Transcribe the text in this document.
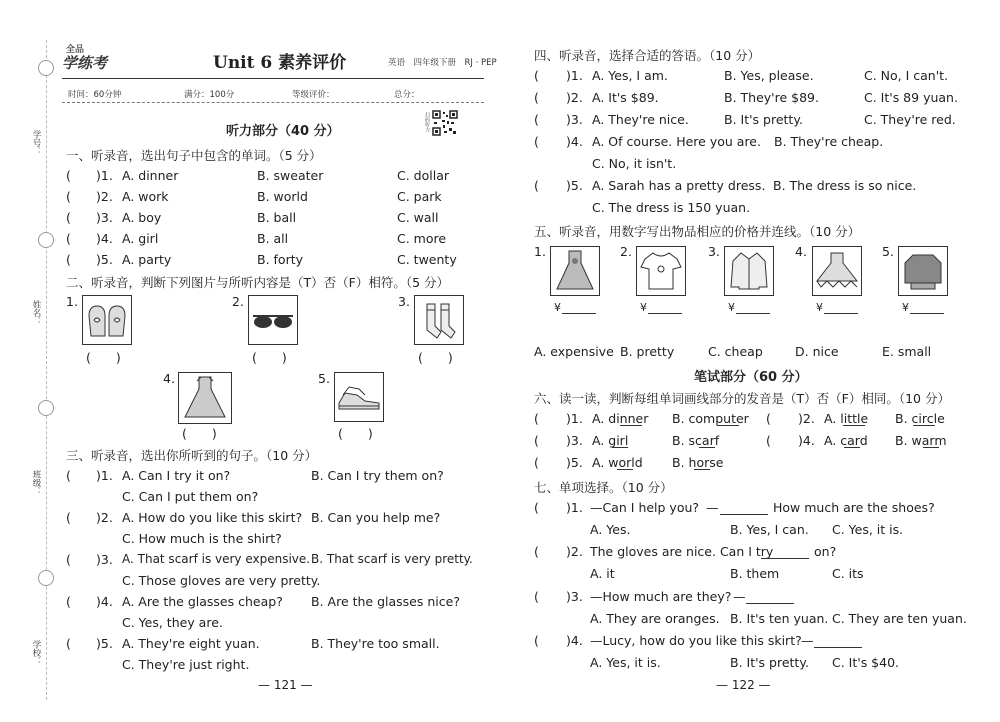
学号：
姓名：
班级：
学校：
全品
学练考	Unit 6 素养评价	英语　四年级下册　RJ · PEP
时间：60分钟	满分：100分	等级评价：	总分：
扫码听力
听力部分（40 分）
一、听录音，选出句子中包含的单词。（5 分）
( )1. A. dinner	B. sweater	C. dollar
( )2. A. work	B. world	C. park
( )3. A. boy	B. ball	C. wall
( )4. A. girl	B. all	C. more
( )5. A. party	B. forty	C. twenty
二、听录音，判断下列图片与所听内容是（T）否（F）相符。（5 分）
1.
(　　)
2.
(　　)
3.
(　　)
4.
(　　)
5.
(　　)
三、听录音，选出你所听到的句子。（10 分）
( )1. A. Can I try it on?	B. Can I try them on?
C. Can I put them on?
( )2. A. How do you like this skirt? B. Can you help me?
C. How much is the shirt?
( )3. A. That scarf is very expensive. B. That scarf is very pretty.
C. Those gloves are very pretty.
( )4. A. Are the glasses cheap? B. Are the glasses nice?
C. Yes, they are.
( )5. A. They're eight yuan.	B. They're too small.
C. They're just right.
— 121 —
四、听录音，选择合适的答语。（10 分）
( )1. A. Yes, I am.	B. Yes, please.	C. No, I can't.
( )2. A. It's $89.	B. They're $89.	C. It's 89 yuan.
( )3. A. They're nice.	B. It's pretty.	C. They're red.
( )4. A. Of course. Here you are. B. They're cheap.
C. No, it isn't.
( )5. A. Sarah has a pretty dress. B. The dress is so nice.
C. The dress is 150 yuan.
五、听录音，用数字写出物品相应的价格并连线。（10 分）
1.
¥
2.
¥
3.
¥
4.
¥
5.
¥
A. expensive B. pretty	C. cheap	D. nice	E. small
笔试部分（60 分）
六、读一读，判断每组单词画线部分的发音是（T）否（F）相同。（10 分）
( )1. A. dinner B. computer ( )2. A. little B. circle
( )3. A. girl	B. scarf	( )4. A. card B. warm
( )5. A. world B. horse
七、单项选择。（10 分）
( )1. —Can I help you? —	How much are the shoes?
A. Yes.	B. Yes, I can. C. Yes, it is.
( )2. The gloves are nice. Can I try	on?
A. it	B. them	C. its
( )3. —How much are they? —
A. They are oranges. B. It's ten yuan. C. They are ten yuan.
( )4. —Lucy, how do you like this skirt? —
A. Yes, it is.	B. It's pretty. C. It's $40.
— 122 —
